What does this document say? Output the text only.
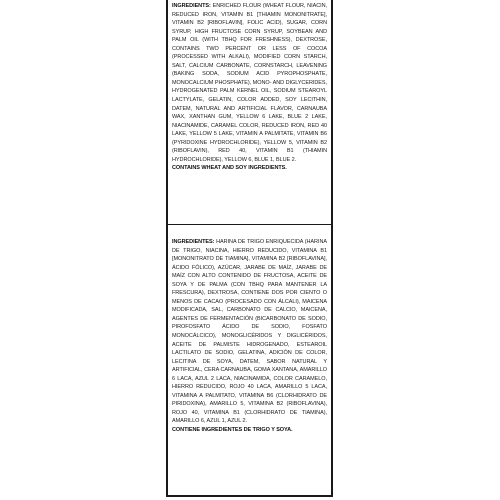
INGREDIENTS: ENRICHED FLOUR (WHEAT FLOUR, NIACIN, REDUCED IRON, VITAMIN B1 [THIAMIN MONONITRATE], VITAMIN B2 [RIBOFLAVIN], FOLIC ACID), SUGAR, CORN SYRUP, HIGH FRUCTOSE CORN SYRUP, SOYBEAN AND PALM OIL (WITH TBHQ FOR FRESHNESS), DEXTROSE, CONTAINS TWO PERCENT OR LESS OF COCOA (PROCESSED WITH ALKALI), MODIFIED CORN STARCH, SALT, CALCIUM CARBONATE, CORNSTARCH, LEAVENING (BAKING SODA, SODIUM ACID PYROPHOSPHATE, MONOCALCIUM PHOSPHATE), MONO- AND DIGLYCERIDES, HYDROGENATED PALM KERNEL OIL, SODIUM STEAROYL LACTYLATE, GELATIN, COLOR ADDED, SOY LECITHIN, DATEM, NATURAL AND ARTIFICIAL FLAVOR, CARNAUBA WAX, XANTHAN GUM, YELLOW 6 LAKE, BLUE 2 LAKE, NIACINAMIDE, CARAMEL COLOR, REDUCED IRON, RED 40 LAKE, YELLOW 5 LAKE, VITAMIN A PALMITATE, VITAMIN B6 (PYRIDOXINE HYDROCHLORIDE), YELLOW 5, VITAMIN B2 (RIBOFLAVIN), RED 40, VITAMIN B1 (THIAMIN HYDROCHLORIDE), YELLOW 6, BLUE 1, BLUE 2.

CONTAINS WHEAT AND SOY INGREDIENTS.

INGREDIENTES: HARINA DE TRIGO ENRIQUECIDA (HARINA DE TRIGO, NIACINA, HIERRO REDUCIDO, VITAMINA B1 [MONONITRATO DE TIAMINA], VITAMINA B2 [RIBOFLAVINA], ÁCIDO FÓLICO), AZÚCAR, JARABE DE MAÍZ, JARABE DE MAÍZ CON ALTO CONTENIDO DE FRUCTOSA, ACEITE DE SOYA Y DE PALMA (CON TBHQ PARA MANTENER LA FRESCURA), DEXTROSA, CONTIENE DOS POR CIENTO O MENOS DE CACAO (PROCESADO CON ÁLCALI), MAICENA MODIFICADA, SAL, CARBONATO DE CALCIO, MAICENA, AGENTES DE FERMENTACIÓN (BICARBONATO DE SODIO, PIROFOSFATO ÁCIDO DE SODIO, FOSFATO MONOCÁLCICO), MONOGLICÉRIDOS Y DIGLICÉRIDOS, ACEITE DE PALMISTE HIDROGENADO, ESTEAROIL LACTILATO DE SODIO, GELATINA, ADICIÓN DE COLOR, LECITINA DE SOYA, DATEM, SABOR NATURAL Y ARTIFICIAL, CERA CARNAUBA, GOMA XANTANA, AMARILLO 6 LACA, AZUL 2 LACA, NIACINAMIDA, COLOR CARAMELO, HIERRO REDUCIDO, ROJO 40 LACA, AMARILLO 5 LACA, VITAMINA A PALMITATO, VITAMINA B6 (CLORHIDRATO DE PIRIDOXINA), AMARILLO 5, VITAMINA B2 (RIBOFLAVINA), ROJO 40, VITAMINA B1 (CLORHIDRATO DE TIAMINA), AMARILLO 6, AZUL 1, AZUL 2.

CONTIENE INGREDIENTES DE TRIGO Y SOYA.
